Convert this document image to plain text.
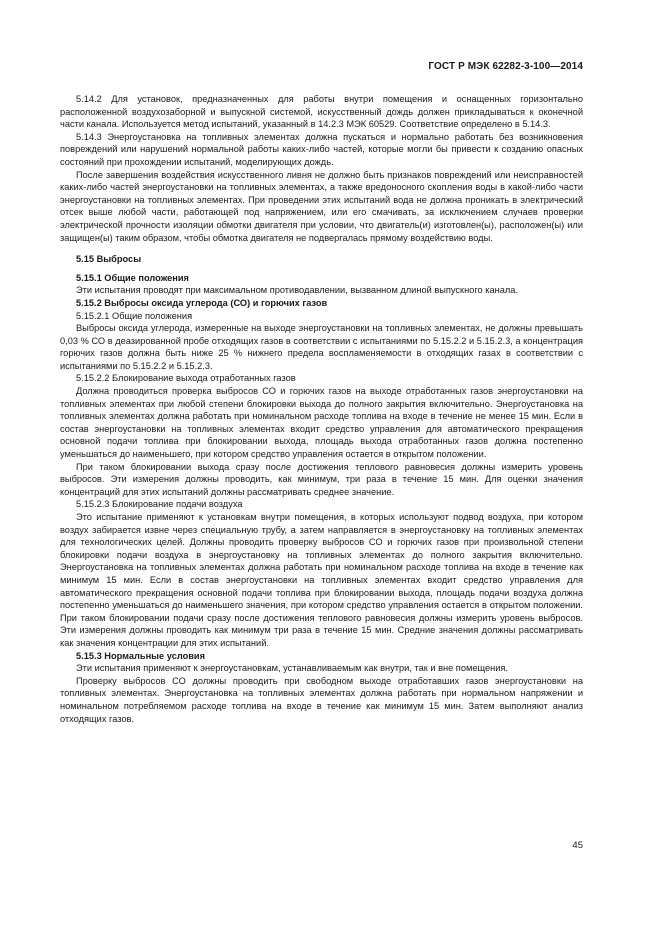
ГОСТ Р МЭК 62282-3-100—2014

5.14.2 Для установок, предназначенных для работы внутри помещения и оснащенных горизонтально расположенной воздухозаборной и выпускной системой, искусственный дождь должен прикладываться к оконечной части канала. Используется метод испытаний, указанный в 14.2.3 МЭК 60529. Соответствие определено в 5.14.3.

5.14.3 Энергоустановка на топливных элементах должна пускаться и нормально работать без возникновения повреждений или нарушений нормальной работы каких-либо частей, которые могли бы привести к созданию опасных состояний при прохождении испытаний, моделирующих дождь.

После завершения воздействия искусственного ливня не должно быть признаков повреждений или неисправностей каких-либо частей энергоустановки на топливных элементах, а также вредоносного скопления воды в какой-либо части энергоустановки на топливных элементах. При проведении этих испытаний вода не должна проникать в электрический отсек выше любой части, работающей под напряжением, или его смачивать, за исключением случаев проверки электрической прочности изоляции обмотки двигателя при условии, что двигатель(и) изготовлен(ы), расположен(ы) или защищен(ы) таким образом, чтобы обмотка двигателя не подвергалась прямому воздействию воды.

5.15 Выбросы

5.15.1 Общие положения

Эти испытания проводят при максимальном противодавлении, вызванном длиной выпускного канала.

5.15.2 Выбросы оксида углерода (СО) и горючих газов

5.15.2.1 Общие положения

Выбросы оксида углерода, измеренные на выходе энергоустановки на топливных элементах, не должны превышать 0,03 % СО в деазированной пробе отходящих газов в соответствии с испытаниями по 5.15.2.2 и 5.15.2.3, а концентрация горючих газов должна быть ниже 25 % нижнего предела воспламеняемости в отходящих газах в соответствии с испытаниями по 5.15.2.2 и 5.15.2.3.

5.15.2.2 Блокирование выхода отработанных газов

Должна проводиться проверка выбросов СО и горючих газов на выходе отработанных газов энергоустановки на топливных элементах при любой степени блокировки выхода до полного закрытия включительно. Энергоустановка на топливных элементах должна работать при номинальном расходе топлива на входе в течение не менее 15 мин. Если в состав энергоустановки на топливных элементах входит средство управления для автоматического прекращения основной подачи топлива при блокировании выхода, площадь выхода отработанных газов должна постепенно уменьшаться до наименьшего, при котором средство управления остается в открытом положении.

При таком блокировании выхода сразу после достижения теплового равновесия должны измерить уровень выбросов. Эти измерения должны проводить, как минимум, три раза в течение 15 мин. Для оценки значения концентраций для этих испытаний должны рассматривать среднее значение.

5.15.2.3 Блокирование подачи воздуха

Это испытание применяют к установкам внутри помещения, в которых используют подвод воздуха, при котором воздух забирается извне через специальную трубу, а затем направляется в энергоустановку на топливных элементах для технологических целей. Должны проводить проверку выбросов СО и горючих газов при произвольной степени блокировки подачи воздуха в энергоустановку на топливных элементах до полного закрытия включительно. Энергоустановка на топливных элементах должна работать при номинальном расходе топлива на входе в течение как минимум 15 мин. Если в состав энергоустановки на топливных элементах входит средство управления для автоматического прекращения основной подачи топлива при блокировании выхода, площадь подачи воздуха должна постепенно уменьшаться до наименьшего значения, при котором средство управления остается в открытом положении. При таком блокировании подачи сразу после достижения теплового равновесия должны измерить уровень выбросов. Эти измерения должны проводить как минимум три раза в течение 15 мин. Средние значения должны рассматривать как значения концентрации для этих испытаний.

5.15.3 Нормальные условия

Эти испытания применяют к энергоустановкам, устанавливаемым как внутри, так и вне помещения.

Проверку выбросов СО должны проводить при свободном выходе отработавших газов энергоустановки на топливных элементах. Энергоустановка на топливных элементах должна работать при нормальном напряжении и номинальном потребляемом расходе топлива на входе в течение как минимум 15 мин. Затем выполняют анализ отходящих газов.

45
